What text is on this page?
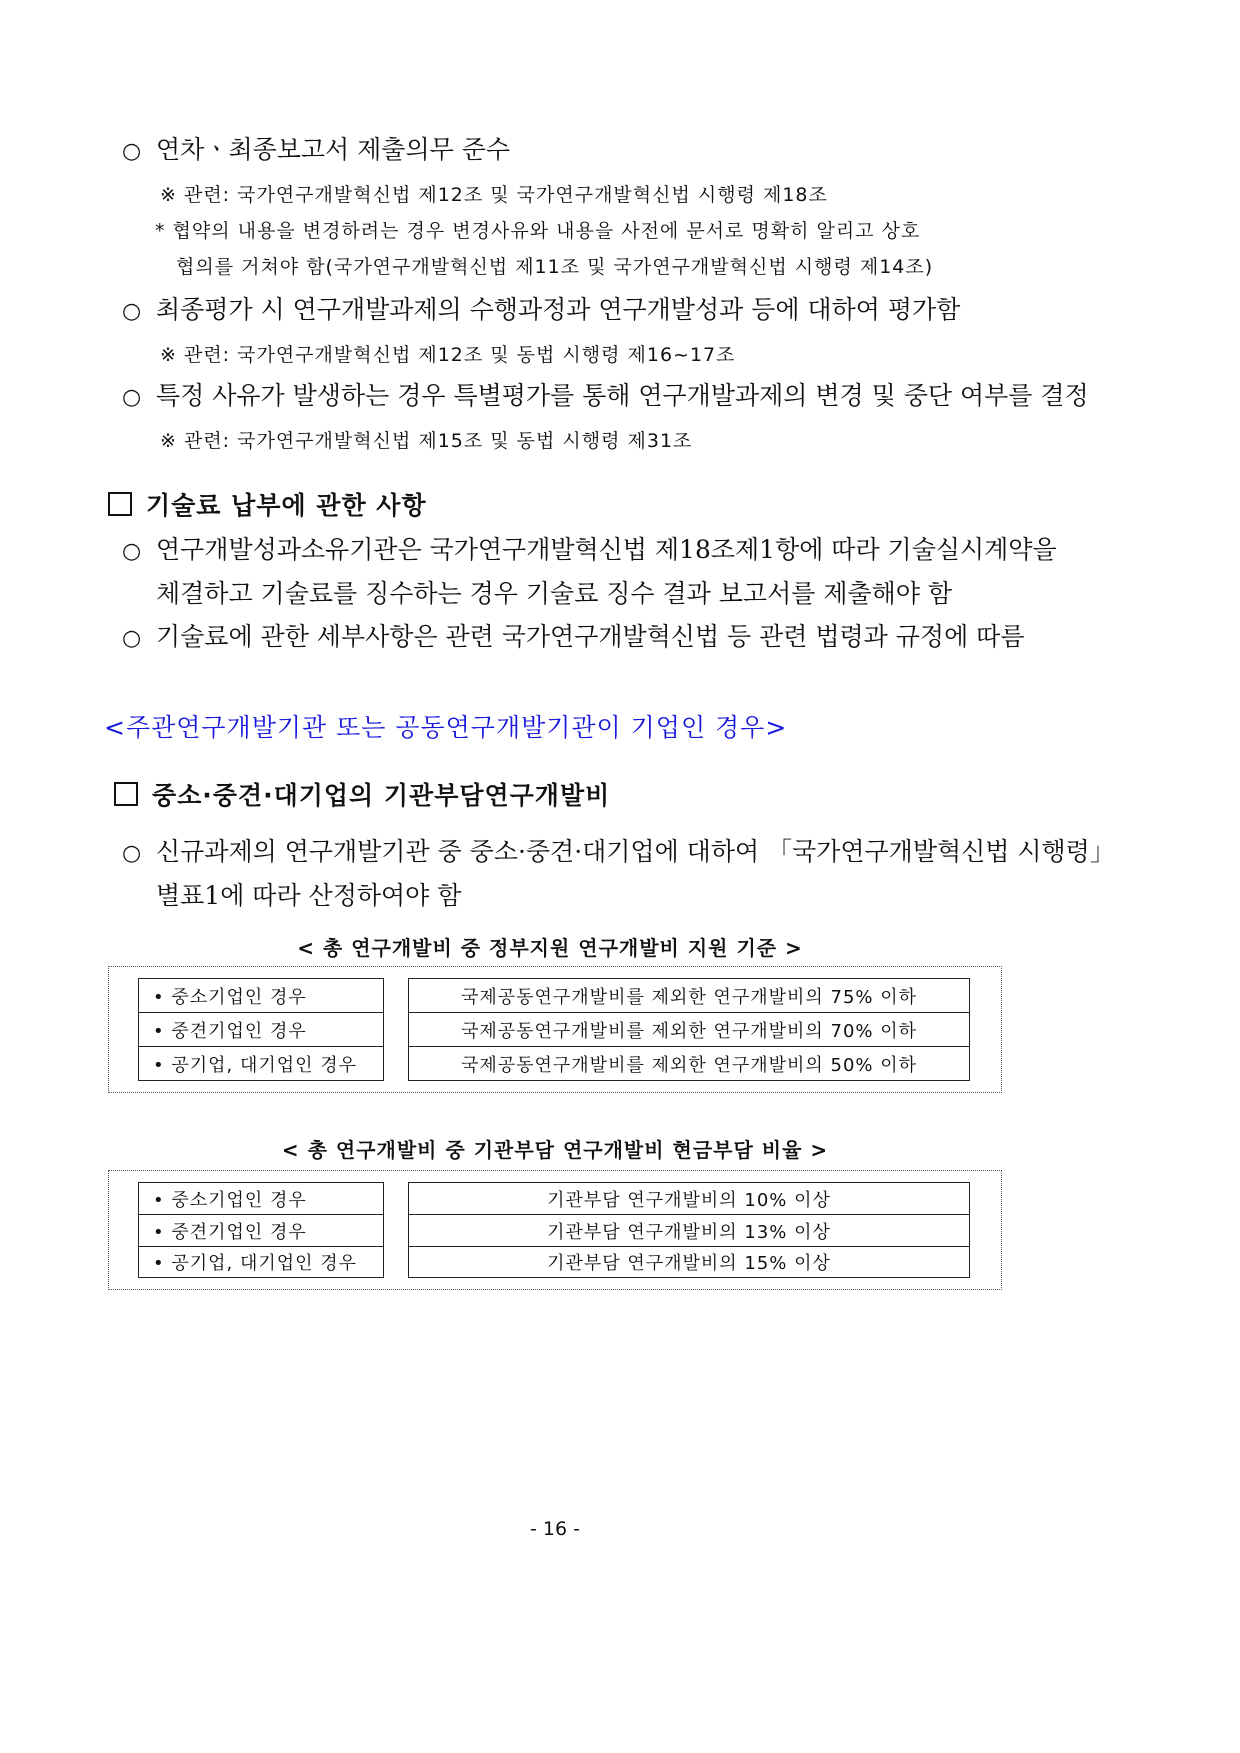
○ 연차ㆍ최종보고서 제출의무 준수
※ 관련: 국가연구개발혁신법 제12조 및 국가연구개발혁신법 시행령 제18조
* 협약의 내용을 변경하려는 경우 변경사유와 내용을 사전에 문서로 명확히 알리고 상호
협의를 거쳐야 함(국가연구개발혁신법 제11조 및 국가연구개발혁신법 시행령 제14조)
○ 최종평가 시 연구개발과제의 수행과정과 연구개발성과 등에 대하여 평가함
※ 관련: 국가연구개발혁신법 제12조 및 동법 시행령 제16~17조
○ 특정 사유가 발생하는 경우 특별평가를 통해 연구개발과제의 변경 및 중단 여부를 결정
※ 관련: 국가연구개발혁신법 제15조 및 동법 시행령 제31조
기술료 납부에 관한 사항
○ 연구개발성과소유기관은 국가연구개발혁신법 제18조제1항에 따라 기술실시계약을
체결하고 기술료를 징수하는 경우 기술료 징수 결과 보고서를 제출해야 함
○ 기술료에 관한 세부사항은 관련 국가연구개발혁신법 등 관련 법령과 규정에 따름
<주관연구개발기관 또는 공동연구개발기관이 기업인 경우>
중소·중견·대기업의 기관부담연구개발비
○ 신규과제의 연구개발기관 중 중소·중견·대기업에 대하여 「국가연구개발혁신법 시행령」
별표1에 따라 산정하여야 함
< 총 연구개발비 중 정부지원 연구개발비 지원 기준 >
• 중소기업인 경우
• 중견기업인 경우
• 공기업, 대기업인 경우
국제공동연구개발비를 제외한 연구개발비의 75% 이하
국제공동연구개발비를 제외한 연구개발비의 70% 이하
국제공동연구개발비를 제외한 연구개발비의 50% 이하
< 총 연구개발비 중 기관부담 연구개발비 현금부담 비율 >
• 중소기업인 경우
• 중견기업인 경우
• 공기업, 대기업인 경우
기관부담 연구개발비의 10% 이상
기관부담 연구개발비의 13% 이상
기관부담 연구개발비의 15% 이상
- 16 -
